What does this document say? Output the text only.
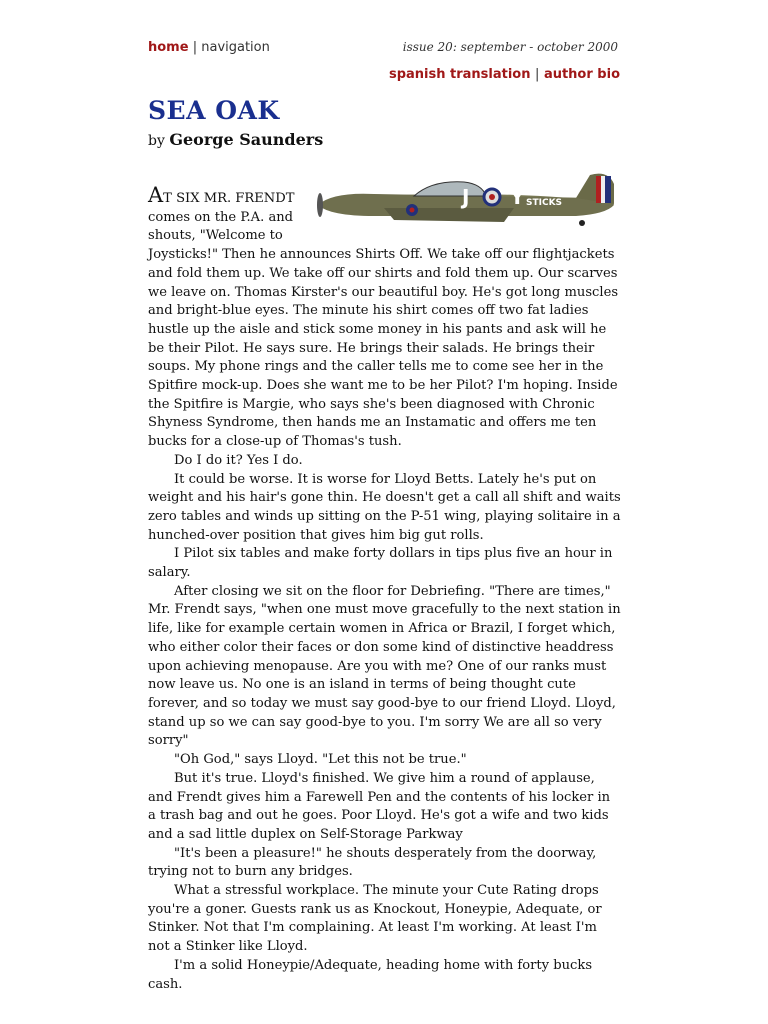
home | navigation	issue 20: september - october 2000
spanish translation | author bio
SEA OAK
by George Saunders
J Y STICKS

AT SIX MR. FRENDT comes on the P.A. and shouts, "Welcome to Joysticks!" Then he announces Shirts Off. We take off our flightjackets and fold them up. We take off our shirts and fold them up. Our scarves we leave on. Thomas Kirster's our beautiful boy. He's got long muscles and bright-blue eyes. The minute his shirt comes off two fat ladies hustle up the aisle and stick some money in his pants and ask will he be their Pilot. He says sure. He brings their salads. He brings their soups. My phone rings and the caller tells me to come see her in the Spitfire mock-up. Does she want me to be her Pilot? I'm hoping. Inside the Spitfire is Margie, who says she's been diagnosed with Chronic Shyness Syndrome, then hands me an Instamatic and offers me ten bucks for a close-up of Thomas's tush.

Do I do it? Yes I do.

It could be worse. It is worse for Lloyd Betts. Lately he's put on weight and his hair's gone thin. He doesn't get a call all shift and waits zero tables and winds up sitting on the P-51 wing, playing solitaire in a hunched-over position that gives him big gut rolls.

I Pilot six tables and make forty dollars in tips plus five an hour in salary.

After closing we sit on the floor for Debriefing. "There are times," Mr. Frendt says, "when one must move gracefully to the next station in life, like for example certain women in Africa or Brazil, I forget which, who either color their faces or don some kind of distinctive headdress upon achieving menopause. Are you with me? One of our ranks must now leave us. No one is an island in terms of being thought cute forever, and so today we must say good-bye to our friend Lloyd. Lloyd, stand up so we can say good-bye to you. I'm sorry We are all so very sorry"

"Oh God," says Lloyd. "Let this not be true."

But it's true. Lloyd's finished. We give him a round of applause, and Frendt gives him a Farewell Pen and the contents of his locker in a trash bag and out he goes. Poor Lloyd. He's got a wife and two kids and a sad little duplex on Self-Storage Parkway

"It's been a pleasure!" he shouts desperately from the doorway, trying not to burn any bridges.

What a stressful workplace. The minute your Cute Rating drops you're a goner. Guests rank us as Knockout, Honeypie, Adequate, or Stinker. Not that I'm complaining. At least I'm working. At least I'm not a Stinker like Lloyd.

I'm a solid Honeypie/Adequate, heading home with forty bucks cash.
